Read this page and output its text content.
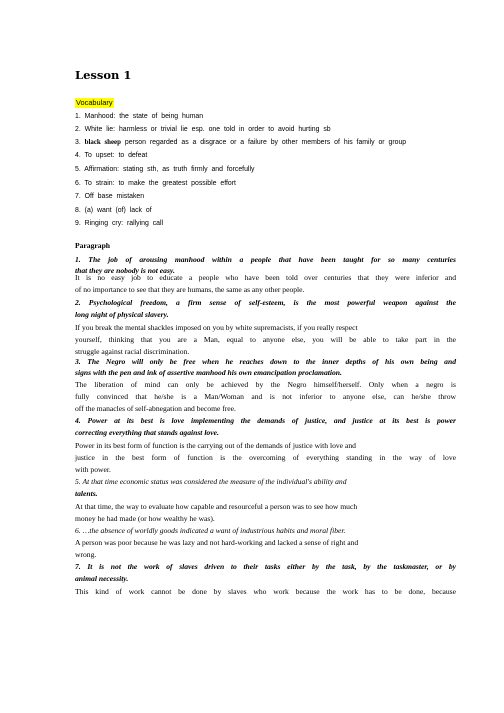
Lesson 1
Vocabulary
1. Manhood: the state of being human
2. White lie: harmless or trivial lie esp. one told in order to avoid hurting sb
3. black sheep person regarded as a disgrace or a failure by other members of his family or group
4. To upset: to defeat
5. Affirmation: stating sth, as truth firmly and forcefully
6. To strain: to make the greatest possible effort
7. Off base mistaken
8. (a) want (of) lack of
9. Ringing cry: rallying call
Paragraph
1. The job of arousing manhood within a people that have been taught for so many centuries
that they are nobody is not easy.
It is no easy job to educate a people who have been told over centuries that they were inferior and
of no importance to see that they are humans, the same as any other people.
2. Psychological freedom, a firm sense of self-esteem, is the most powerful weapon against the
long night of physical slavery.
If you break the mental shackles imposed on you by white supremacists, if you really respect
yourself, thinking that you are a Man, equal to anyone else, you will be able to take part in the
struggle against racial discrimination.
3. The Negro will only be free when he reaches down to the inner depths of his own being and
signs with the pen and ink of assertive manhood his own emancipation proclamation.
The liberation of mind can only be achieved by the Negro himself/herself. Only when a negro is
fully convinced that he/she is a Man/Woman and is not inferior to anyone else, can he/she throw
off the manacles of self-abnegation and become free.
4. Power at its best is love implementing the demands of justice, and justice at its best is power
correcting everything that stands against love.
Power in its best form of function is the carrying out of the demands of justice with love and
justice in the best form of function is the overcoming of everything standing in the way of love
with power.
5. At that time economic status was considered the measure of the individual's ability and
talents.
At that time, the way to evaluate how capable and resourceful a person was to see how much
money he had made (or how wealthy he was).
6. …the absence of worldly goods indicated a want of industrious habits and moral fiber.
A person was poor because he was lazy and not hard-working and lacked a sense of right and
wrong.
7. It is not the work of slaves driven to their tasks either by the task, by the taskmaster, or by
animal necessity.
This kind of work cannot be done by slaves who work because the work has to be done, because
